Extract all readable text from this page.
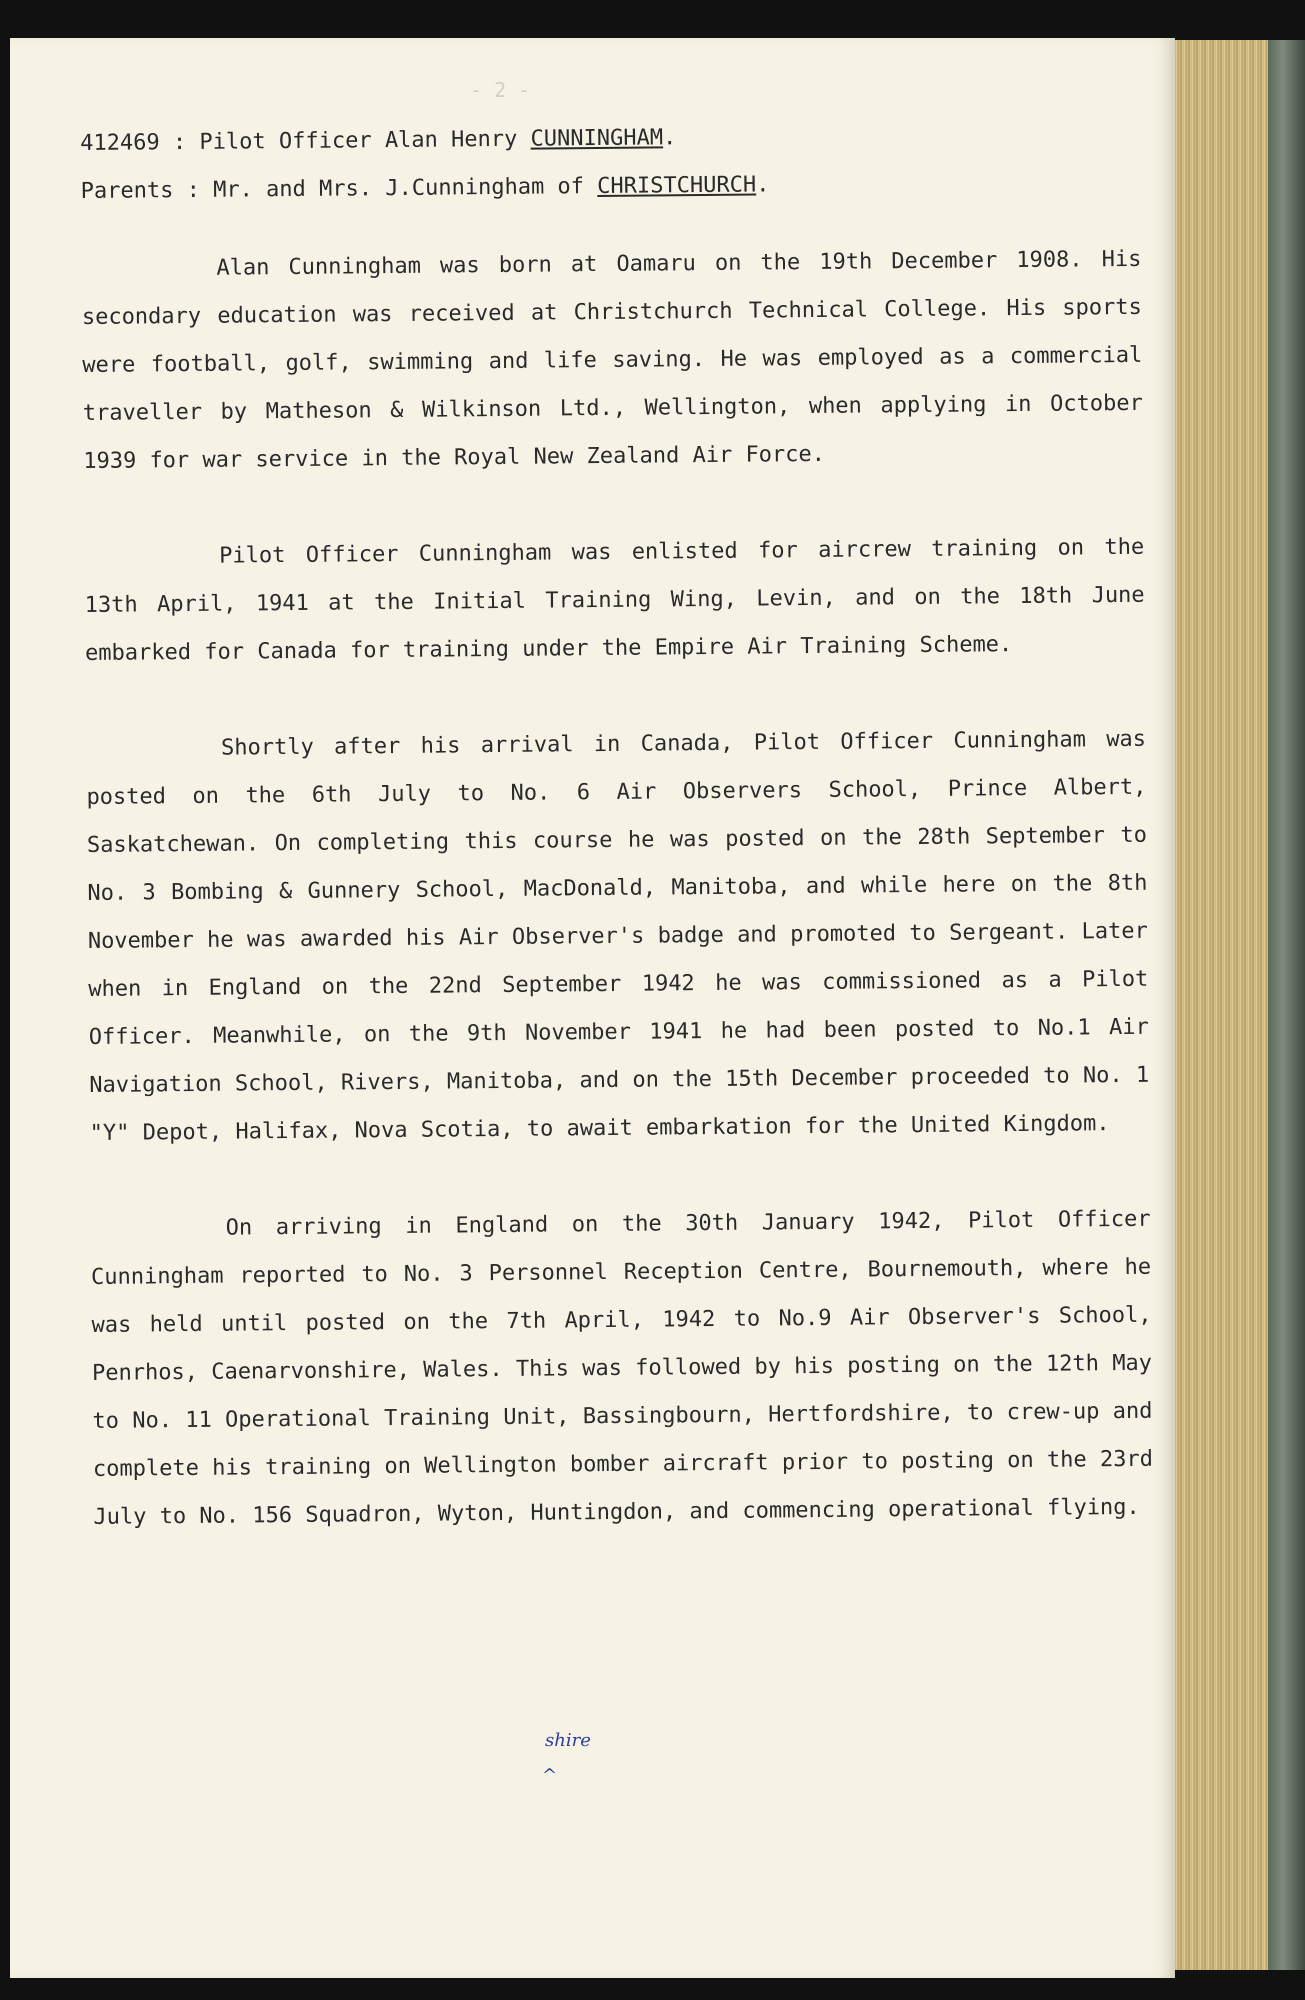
- 2 -
412469 : Pilot Officer Alan Henry CUNNINGHAM.
Parents : Mr. and Mrs. J.Cunningham of CHRISTCHURCH.

Alan Cunningham was born at Oamaru on the 19th December 1908. His secondary education was received at Christchurch Technical College. His sports were football, golf, swimming and life saving. He was employed as a commercial traveller by Matheson & Wilkinson Ltd., Wellington, when applying in October 1939 for war service in the Royal New Zealand Air Force.

Pilot Officer Cunningham was enlisted for aircrew training on the 13th April, 1941 at the Initial Training Wing, Levin, and on the 18th June embarked for Canada for training under the Empire Air Training Scheme.

Shortly after his arrival in Canada, Pilot Officer Cunningham was posted on the 6th July to No. 6 Air Observers School, Prince Albert, Saskatchewan. On completing this course he was posted on the 28th September to No. 3 Bombing & Gunnery School, MacDonald, Manitoba, and while here on the 8th November he was awarded his Air Observer's badge and promoted to Sergeant. Later when in England on the 22nd September 1942 he was commissioned as a Pilot Officer. Meanwhile, on the 9th November 1941 he had been posted to No.1 Air Navigation School, Rivers, Manitoba, and on the 15th December proceeded to No. 1 "Y" Depot, Halifax, Nova Scotia, to await embarkation for the United Kingdom.

On arriving in England on the 30th January 1942, Pilot Officer Cunningham reported to No. 3 Personnel Reception Centre, Bournemouth, where he was held until posted on the 7th April, 1942 to No.9 Air Observer's School, Penrhos, Caenarvonshire, Wales. This was followed by his posting on the 12th May to No. 11 Operational Training Unit, Bassingbourn, Hertfordshire, to crew-up and complete his training on Wellington bomber aircraft prior to posting on the 23rd July to No. 156 Squadron, Wyton, Huntingdon, and commencing operational flying.

shire
^
